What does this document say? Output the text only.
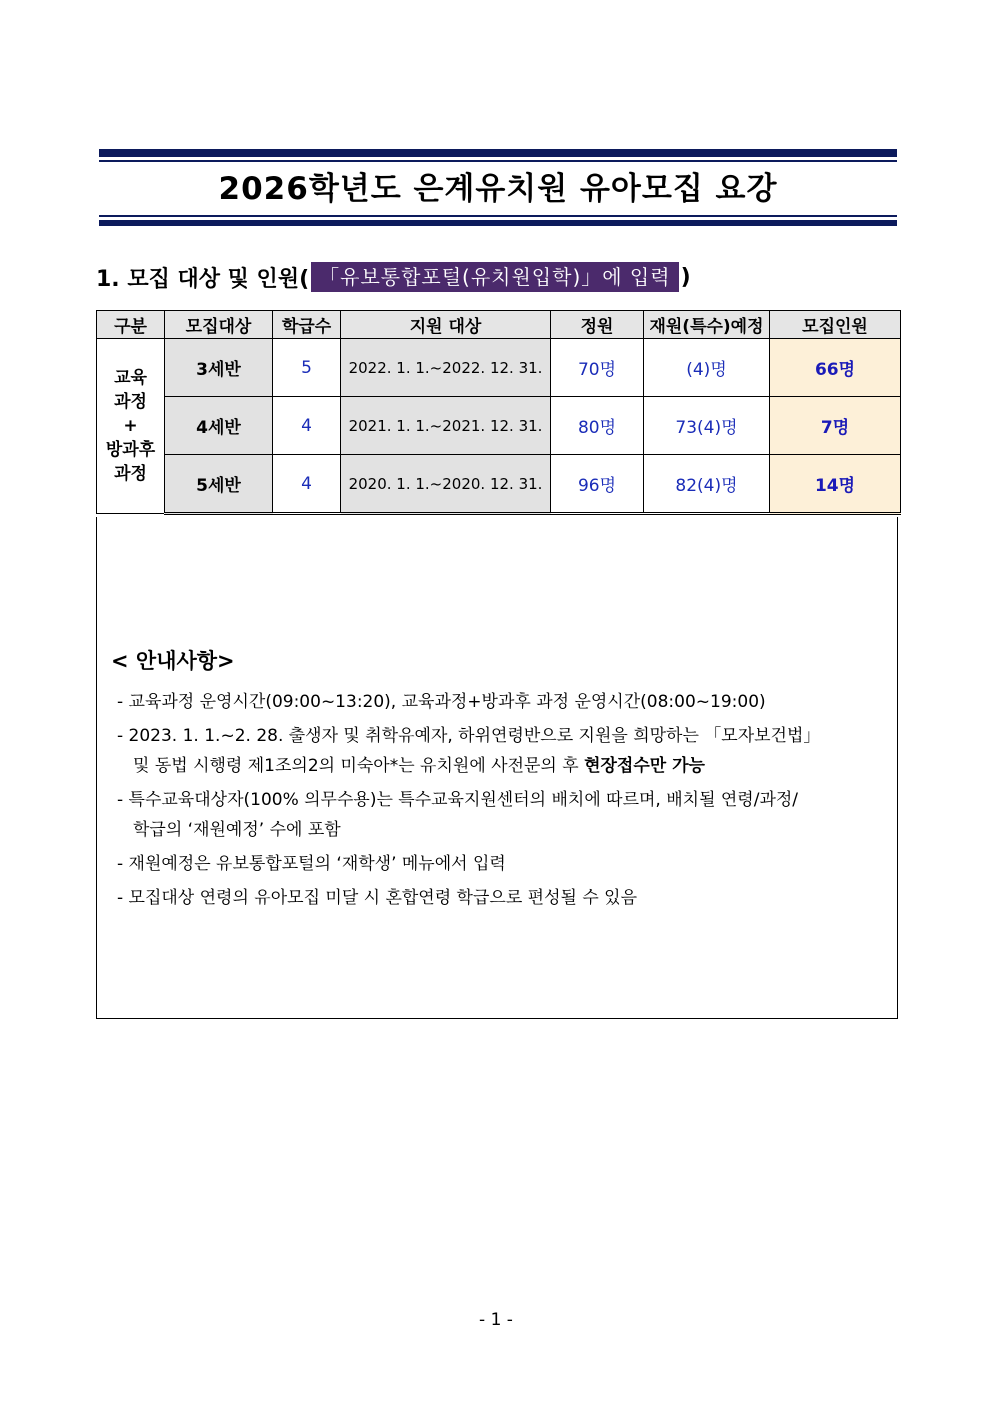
2026학년도 은계유치원 유아모집 요강
1. 모집 대상 및 인원( 「유보통합포털(유치원입학)」에 입력 )
구분	모집대상	학급수	지원 대상	정원	재원(특수)예정	모집인원

교육
과정
+
방과후
과정	3세반	5	2022. 1. 1.~2022. 12. 31.	70명	(4)명	66명
	4세반	4	2021. 1. 1.~2021. 12. 31.	80명	73(4)명	7명
	5세반	4	2020. 1. 1.~2020. 12. 31.	96명	82(4)명	14명
< 안내사항>
- 교육과정 운영시간(09:00~13:20), 교육과정+방과후 과정 운영시간(08:00~19:00)
- 2023. 1. 1.~2. 28. 출생자 및 취학유예자, 하위연령반으로 지원을 희망하는 「모자보건법」
및 동법 시행령 제1조의2의 미숙아*는 유치원에 사전문의 후 현장접수만 가능
- 특수교육대상자(100% 의무수용)는 특수교육지원센터의 배치에 따르며, 배치될 연령/과정/
학급의 ‘재원예정’ 수에 포함
- 재원예정은 유보통합포털의 ‘재학생’ 메뉴에서 입력
- 모집대상 연령의 유아모집 미달 시 혼합연령 학급으로 편성될 수 있음
- 1 -
